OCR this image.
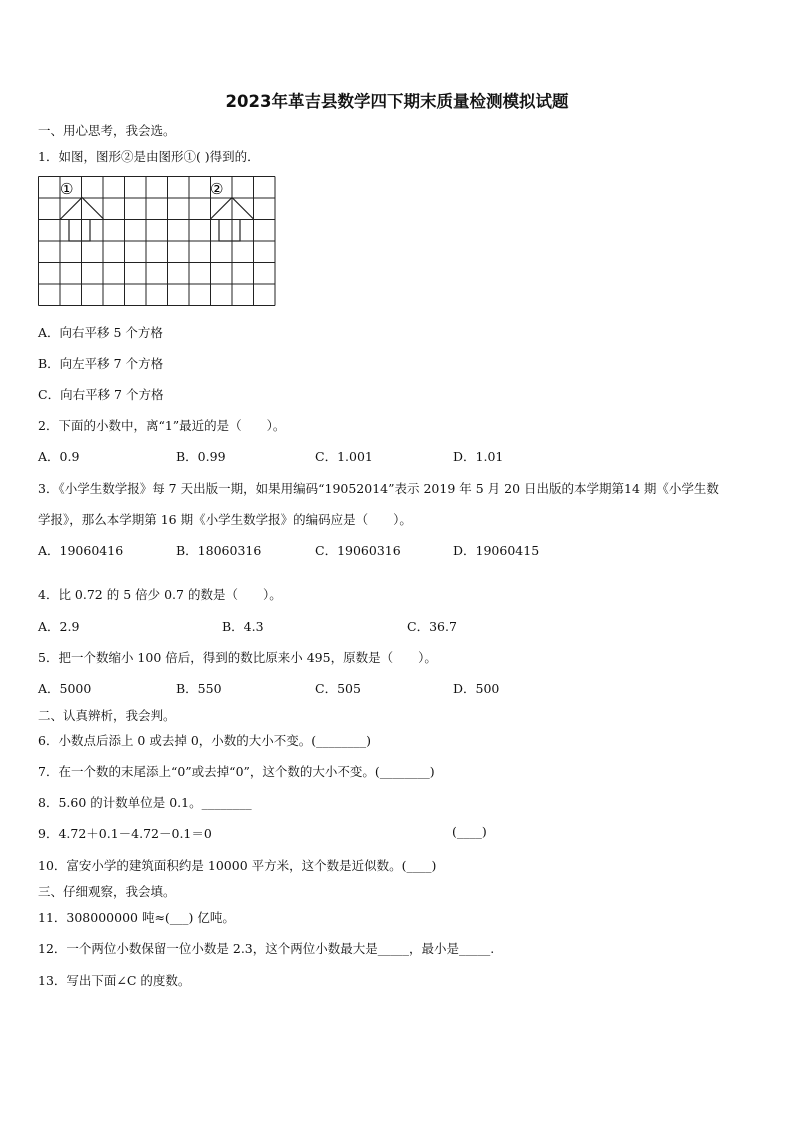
2023年革吉县数学四下期末质量检测模拟试题
一、用心思考，我会选。
1．如图，图形②是由图形①( )得到的．
①	②
A．向右平移 5 个方格
B．向左平移 7 个方格
C．向右平移 7 个方格
2．下面的小数中，离“1”最近的是（　　）。
A．0.9	B．0.99	C．1.001	D．1.01
3．《小学生数学报》每 7 天出版一期，如果用编码“19052014”表示 2019 年 5 月 20 日出版的本学期第14 期《小学生数
学报》，那么本学期第 16 期《小学生数学报》的编码应是（　　）。
A．19060416	B．18060316	C．19060316	D．19060415
4．比 0.72 的 5 倍少 0.7 的数是（　　）。
A．2.9	B．4.3	C．36.7
5．把一个数缩小 100 倍后，得到的数比原来小 495，原数是（　　）。
A．5000	B．550	C．505	D．500
二、认真辨析，我会判。
6．小数点后添上 0 或去掉 0，小数的大小不变。(________)
7．在一个数的末尾添上“0”或去掉“0”，这个数的大小不变。(________)
8．5.60 的计数单位是 0.1。________
9．4.72＋0.1－4.72－0.1＝0	(____)
10．富安小学的建筑面积约是 10000 平方米，这个数是近似数。(____)
三、仔细观察，我会填。
11．308000000 吨≈(___) 亿吨。
12．一个两位小数保留一位小数是 2.3，这个两位小数最大是_____，最小是_____.
13．写出下面∠C 的度数。
